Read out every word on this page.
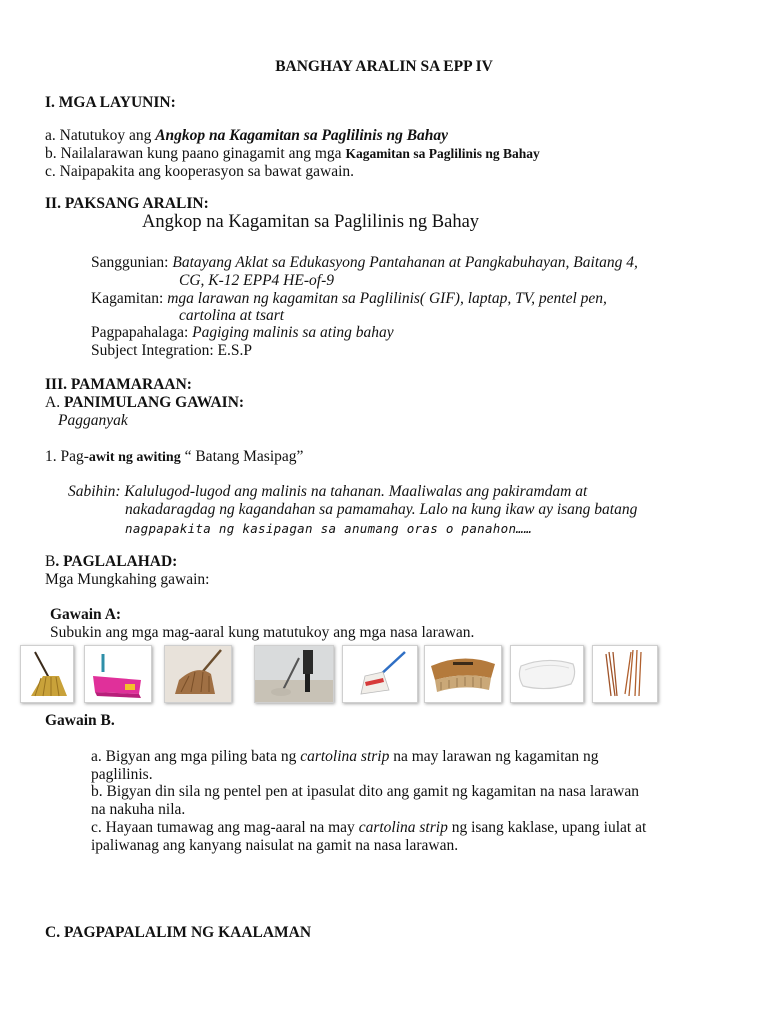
BANGHAY ARALIN SA EPP IV
I. MGA LAYUNIN:
a. Natutukoy ang Angkop na Kagamitan sa Paglilinis ng Bahay
b. Nailalarawan kung paano ginagamit ang mga Kagamitan sa Paglilinis ng Bahay
c. Naipapakita ang kooperasyon sa bawat gawain.
II. PAKSANG ARALIN:
Angkop na Kagamitan sa Paglilinis ng Bahay
Sanggunian: Batayang Aklat sa Edukasyong Pantahanan at Pangkabuhayan, Baitang 4,
CG, K-12 EPP4 HE-of-9
Kagamitan: mga larawan ng kagamitan sa Paglilinis( GIF), laptap, TV, pentel pen,
cartolina at tsart
Pagpapahalaga: Pagiging malinis sa ating bahay
Subject Integration: E.S.P
III. PAMAMARAAN:
A. PANIMULANG GAWAIN:
Pagganyak
1. Pag-awit ng awiting “ Batang Masipag”
Sabihin: Kalulugod-lugod ang malinis na tahanan. Maaliwalas ang pakiramdam at
nakadaragdag ng kagandahan sa pamamahay. Lalo na kung ikaw ay isang batang
nagpapakita ng kasipagan sa anumang oras o panahon……
B. PAGLALAHAD:
Mga Mungkahing gawain:
Gawain A:
Subukin ang mga mag-aaral kung matutukoy ang mga nasa larawan.
Gawain B.
a. Bigyan ang mga piling bata ng cartolina strip na may larawan ng kagamitan ng
paglilinis.
b. Bigyan din sila ng pentel pen at ipasulat dito ang gamit ng kagamitan na nasa larawan
na nakuha nila.
c. Hayaan tumawag ang mag-aaral na may cartolina strip ng isang kaklase, upang iulat at
ipaliwanag ang kanyang naisulat na gamit na nasa larawan.
C. PAGPAPALALIM NG KAALAMAN
